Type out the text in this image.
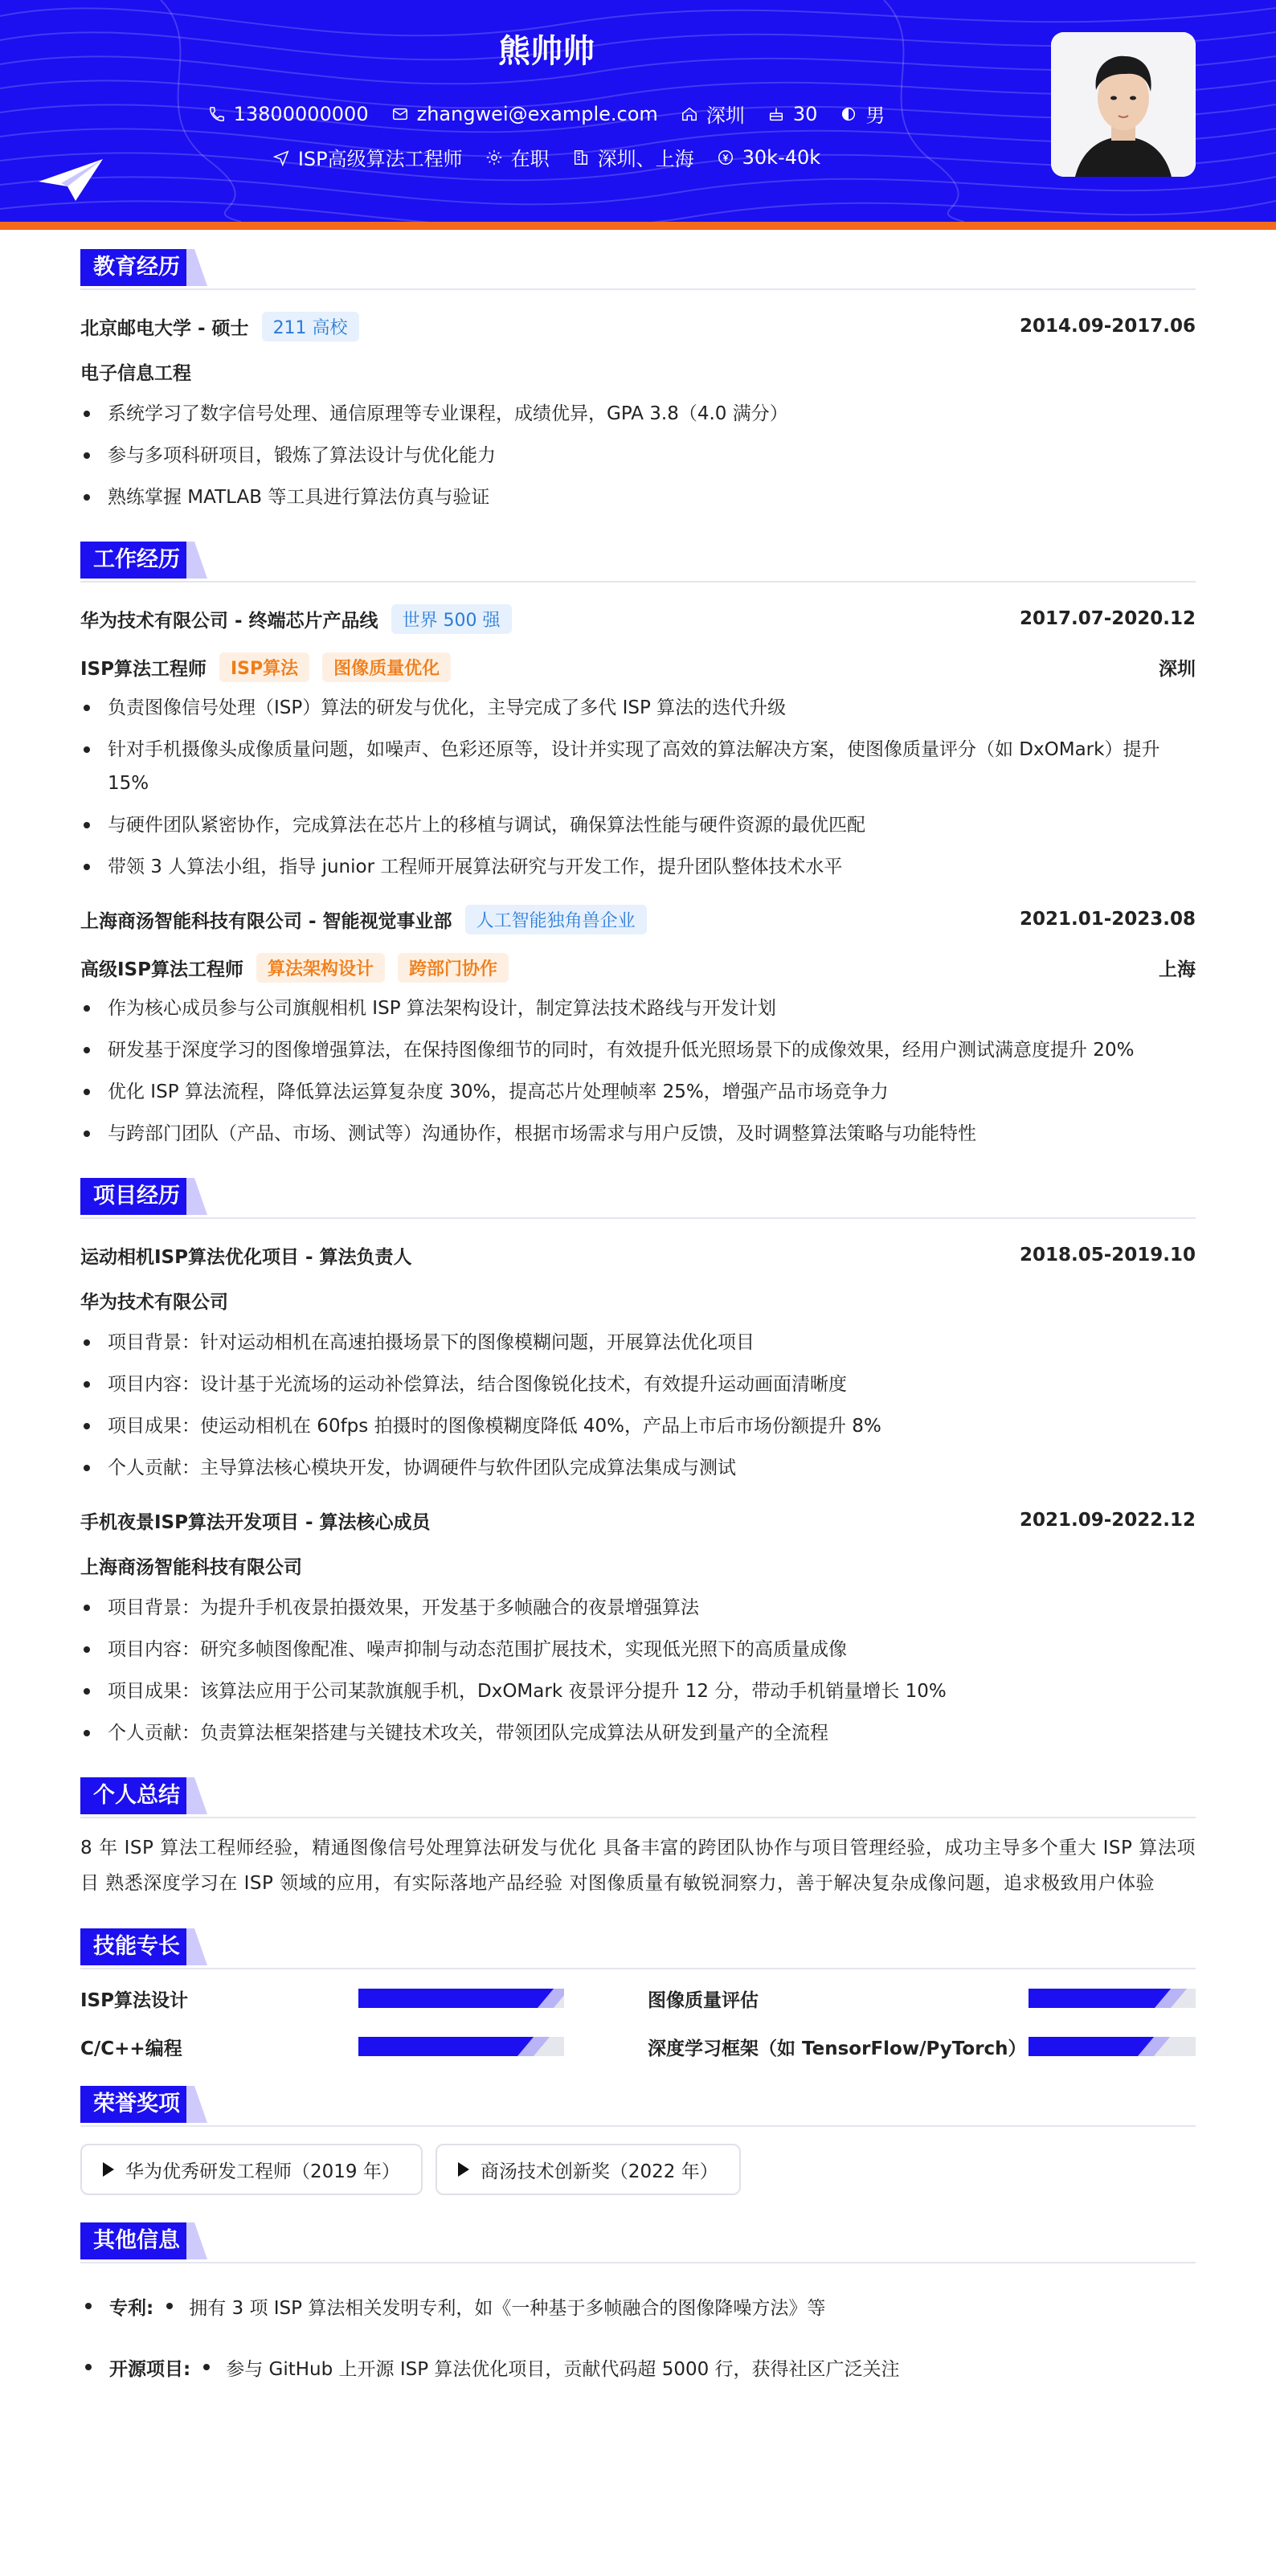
熊帅帅
13800000000	zhangwei@example.com	深圳	30	男
ISP高级算法工程师	在职	深圳、上海	30k-40k
教育经历
北京邮电大学 - 硕士	211 高校	2014.09-2017.06
电子信息工程
系统学习了数字信号处理、通信原理等专业课程，成绩优异，GPA 3.8（4.0 满分）
参与多项科研项目，锻炼了算法设计与优化能力
熟练掌握 MATLAB 等工具进行算法仿真与验证
工作经历
华为技术有限公司 - 终端芯片产品线	世界 500 强	2017.07-2020.12
ISP算法工程师	ISP算法	图像质量优化	深圳
负责图像信号处理（ISP）算法的研发与优化，主导完成了多代 ISP 算法的迭代升级
针对手机摄像头成像质量问题，如噪声、色彩还原等，设计并实现了高效的算法解决方案，使图像质量评分（如 DxOMark）提升 15%
与硬件团队紧密协作，完成算法在芯片上的移植与调试，确保算法性能与硬件资源的最优匹配
带领 3 人算法小组，指导 junior 工程师开展算法研究与开发工作，提升团队整体技术水平
上海商汤智能科技有限公司 - 智能视觉事业部	人工智能独角兽企业	2021.01-2023.08
高级ISP算法工程师	算法架构设计	跨部门协作	上海
作为核心成员参与公司旗舰相机 ISP 算法架构设计，制定算法技术路线与开发计划
研发基于深度学习的图像增强算法，在保持图像细节的同时，有效提升低光照场景下的成像效果，经用户测试满意度提升 20%
优化 ISP 算法流程，降低算法运算复杂度 30%，提高芯片处理帧率 25%，增强产品市场竞争力
与跨部门团队（产品、市场、测试等）沟通协作，根据市场需求与用户反馈，及时调整算法策略与功能特性
项目经历
运动相机ISP算法优化项目 - 算法负责人	2018.05-2019.10
华为技术有限公司
项目背景：针对运动相机在高速拍摄场景下的图像模糊问题，开展算法优化项目
项目内容：设计基于光流场的运动补偿算法，结合图像锐化技术，有效提升运动画面清晰度
项目成果：使运动相机在 60fps 拍摄时的图像模糊度降低 40%，产品上市后市场份额提升 8%
个人贡献：主导算法核心模块开发，协调硬件与软件团队完成算法集成与测试
手机夜景ISP算法开发项目 - 算法核心成员	2021.09-2022.12
上海商汤智能科技有限公司
项目背景：为提升手机夜景拍摄效果，开发基于多帧融合的夜景增强算法
项目内容：研究多帧图像配准、噪声抑制与动态范围扩展技术，实现低光照下的高质量成像
项目成果：该算法应用于公司某款旗舰手机，DxOMark 夜景评分提升 12 分，带动手机销量增长 10%
个人贡献：负责算法框架搭建与关键技术攻关，带领团队完成算法从研发到量产的全流程
个人总结
8 年 ISP 算法工程师经验，精通图像信号处理算法研发与优化 具备丰富的跨团队协作与项目管理经验，成功主导多个重大 ISP 算法项目 熟悉深度学习在 ISP 领域的应用，有实际落地产品经验 对图像质量有敏锐洞察力，善于解决复杂成像问题，追求极致用户体验
技能专长
ISP算法设计	图像质量评估
C/C++编程	深度学习框架（如 TensorFlow/PyTorch）
荣誉奖项
华为优秀研发工程师（2019 年）	商汤技术创新奖（2022 年）
其他信息
专利: 拥有 3 项 ISP 算法相关发明专利，如《一种基于多帧融合的图像降噪方法》等
开源项目: 参与 GitHub 上开源 ISP 算法优化项目，贡献代码超 5000 行，获得社区广泛关注
